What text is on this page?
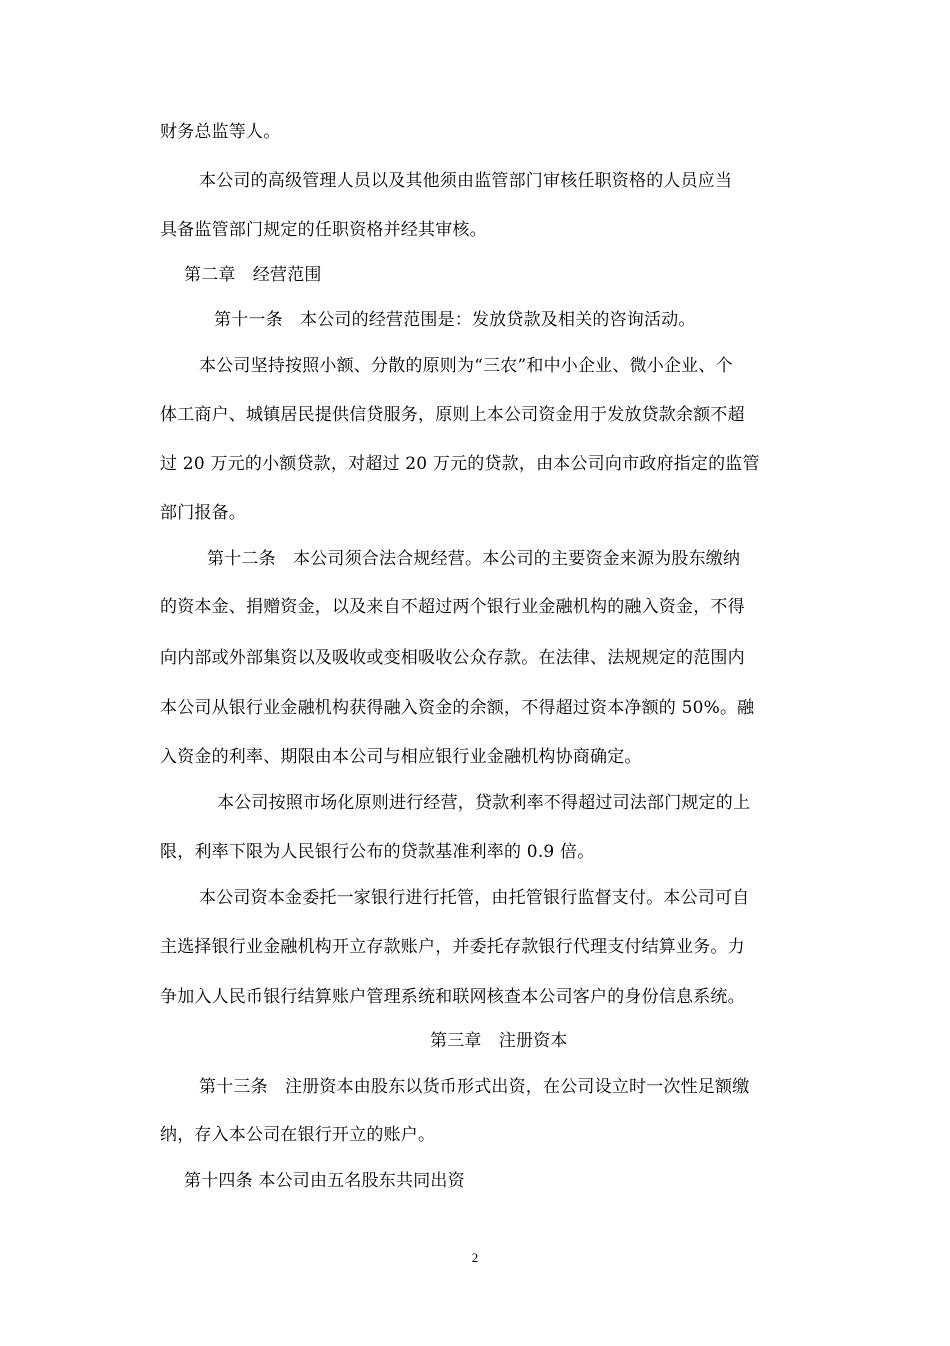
财务总监等人。
本公司的高级管理人员以及其他须由监管部门审核任职资格的人员应当
具备监管部门规定的任职资格并经其审核。
第二章　经营范围
第十一条　本公司的经营范围是：发放贷款及相关的咨询活动。
本公司坚持按照小额、分散的原则为“三农”和中小企业、微小企业、个
体工商户、城镇居民提供信贷服务，原则上本公司资金用于发放贷款余额不超
过 20 万元的小额贷款，对超过 20 万元的贷款，由本公司向市政府指定的监管
部门报备。
第十二条　本公司须合法合规经营。本公司的主要资金来源为股东缴纳
的资本金、捐赠资金，以及来自不超过两个银行业金融机构的融入资金，不得
向内部或外部集资以及吸收或变相吸收公众存款。在法律、法规规定的范围内
本公司从银行业金融机构获得融入资金的余额，不得超过资本净额的 50%。融
入资金的利率、期限由本公司与相应银行业金融机构协商确定。
本公司按照市场化原则进行经营，贷款利率不得超过司法部门规定的上
限，利率下限为人民银行公布的贷款基准利率的 0.9 倍。
本公司资本金委托一家银行进行托管，由托管银行监督支付。本公司可自
主选择银行业金融机构开立存款账户，并委托存款银行代理支付结算业务。力
争加入人民币银行结算账户管理系统和联网核查本公司客户的身份信息系统。
第三章　注册资本
第十三条　注册资本由股东以货币形式出资，在公司设立时一次性足额缴
纳，存入本公司在银行开立的账户。
第十四条 本公司由五名股东共同出资
2
